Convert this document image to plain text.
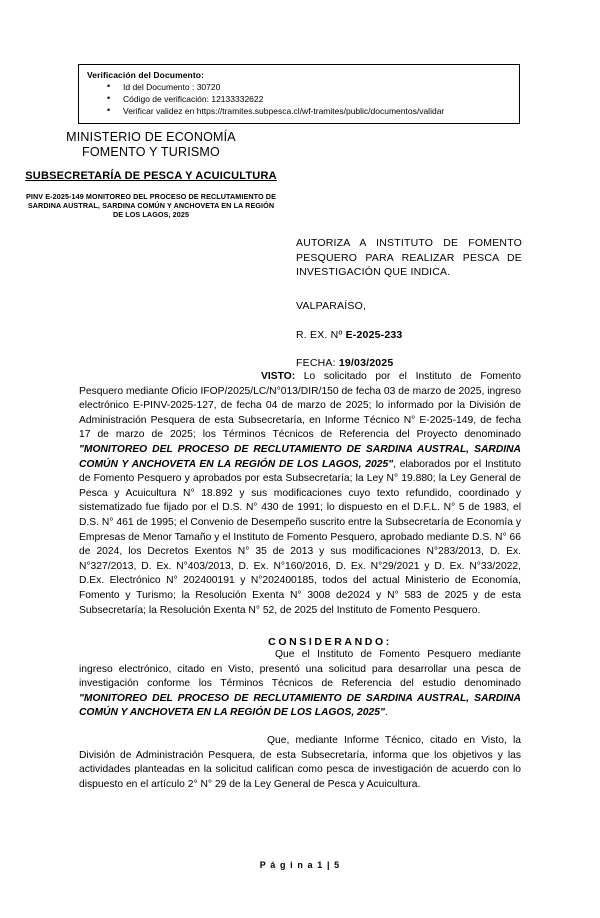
Verificación del Documento:
• Id del Documento : 30720
• Código de verificación: 12133332622
• Verificar validez en https://tramites.subpesca.cl/wf-tramites/public/documentos/validar
MINISTERIO DE ECONOMÍA
FOMENTO Y TURISMO
SUBSECRETARÍA DE PESCA Y ACUICULTURA
PINV E-2025-149 MONITOREO DEL PROCESO DE RECLUTAMIENTO DE SARDINA AUSTRAL, SARDINA COMÚN Y ANCHOVETA EN LA REGIÓN DE LOS LAGOS, 2025
AUTORIZA A INSTITUTO DE FOMENTO PESQUERO PARA REALIZAR PESCA DE INVESTIGACIÓN QUE INDICA.
VALPARAÍSO,
R. EX. Nº E-2025-233
FECHA: 19/03/2025

VISTO: Lo solicitado por el Instituto de Fomento Pesquero mediante Oficio IFOP/2025/LC/N°013/DIR/150 de fecha 03 de marzo de 2025, ingreso electrónico E-PINV-2025-127, de fecha 04 de marzo de 2025; lo informado por la División de Administración Pesquera de esta Subsecretaría, en Informe Técnico N° E-2025-149, de fecha 17 de marzo de 2025; los Términos Técnicos de Referencia del Proyecto denominado "MONITOREO DEL PROCESO DE RECLUTAMIENTO DE SARDINA AUSTRAL, SARDINA COMÚN Y ANCHOVETA EN LA REGIÓN DE LOS LAGOS, 2025", elaborados por el Instituto de Fomento Pesquero y aprobados por esta Subsecretaría; la Ley N° 19.880; la Ley General de Pesca y Acuicultura N° 18.892 y sus modificaciones cuyo texto refundido, coordinado y sistematizado fue fijado por el D.S. N° 430 de 1991; lo dispuesto en el D.F.L. N° 5 de 1983, el D.S. N° 461 de 1995; el Convenio de Desempeño suscrito entre la Subsecretaría de Economía y Empresas de Menor Tamaño y el Instituto de Fomento Pesquero, aprobado mediante D.S. N° 66 de 2024, los Decretos Exentos N° 35 de 2013 y sus modificaciones N°283/2013, D. Ex. N°327/2013, D. Ex. N°403/2013, D. Ex. N°160/2016, D. Ex. N°29/2021 y D. Ex. N°33/2022, D.Ex. Electrónico N° 202400191 y N°202400185, todos del actual Ministerio de Economía, Fomento y Turismo; la Resolución Exenta N° 3008 de2024 y N° 583 de 2025 y de esta Subsecretaría; la Resolución Exenta N° 52, de 2025 del Instituto de Fomento Pesquero.

CONSIDERANDO:

Que el Instituto de Fomento Pesquero mediante ingreso electrónico, citado en Visto, presentó una solicitud para desarrollar una pesca de investigación conforme los Términos Técnicos de Referencia del estudio denominado "MONITOREO DEL PROCESO DE RECLUTAMIENTO DE SARDINA AUSTRAL, SARDINA COMÚN Y ANCHOVETA EN LA REGIÓN DE LOS LAGOS, 2025".

Que, mediante Informe Técnico, citado en Visto, la División de Administración Pesquera, de esta Subsecretaría, informa que los objetivos y las actividades planteadas en la solicitud califican como pesca de investigación de acuerdo con lo dispuesto en el artículo 2° N° 29 de la Ley General de Pesca y Acuicultura.

P á g i n a 1 | 5
